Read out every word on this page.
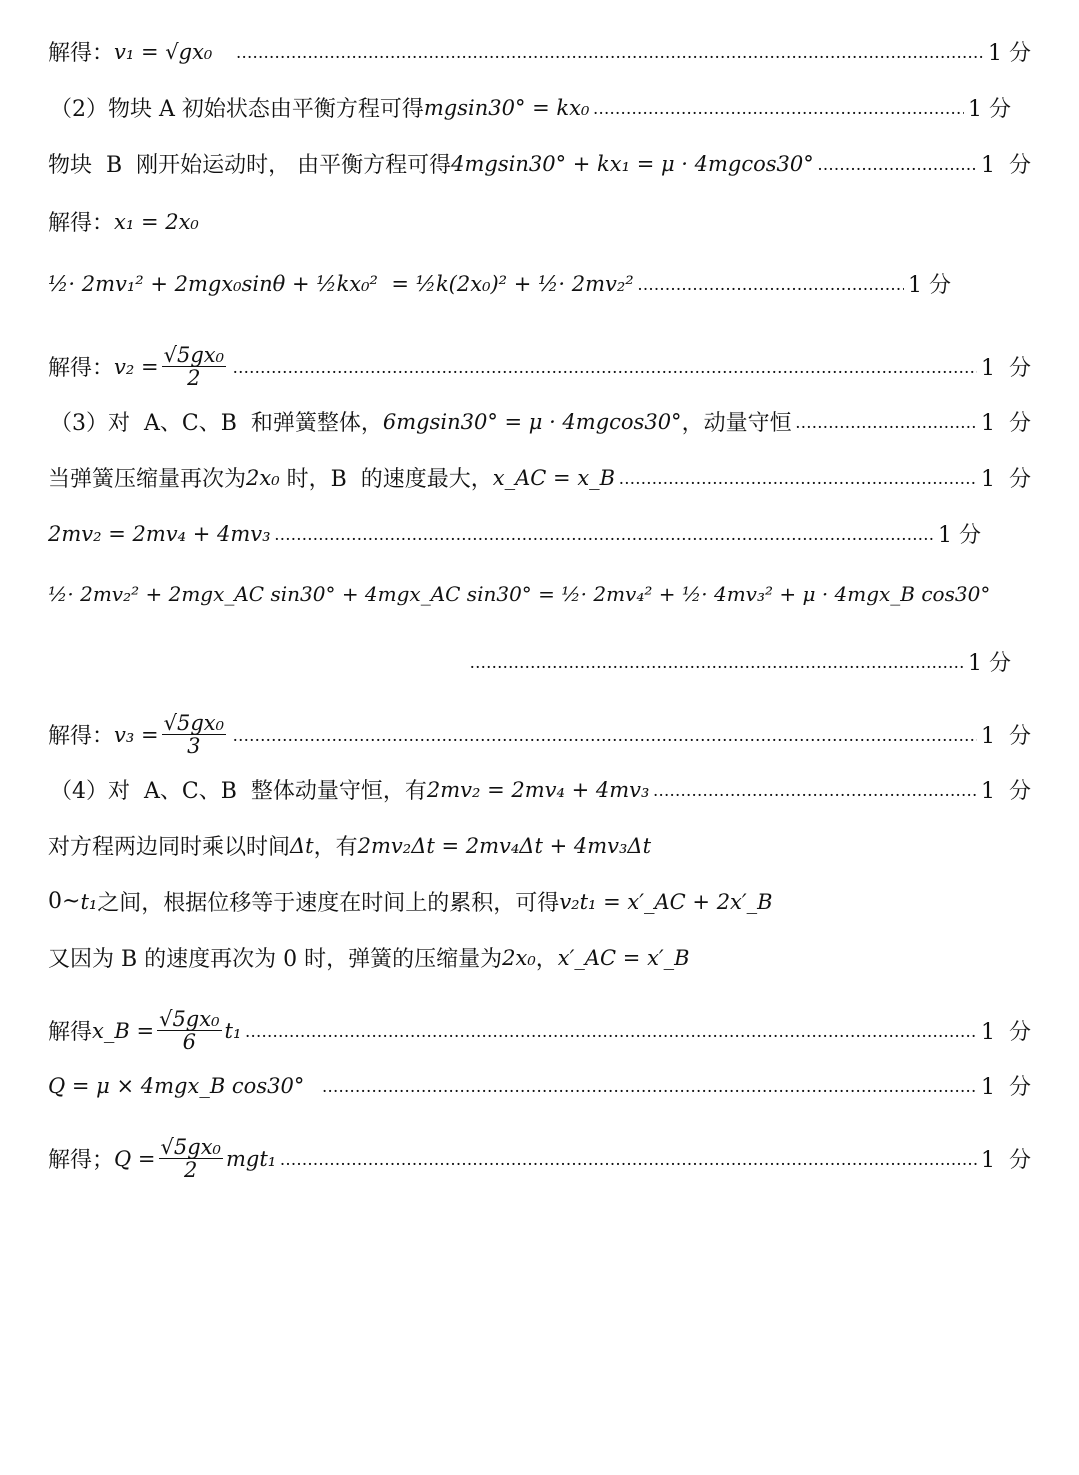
解得： v₁ = √gx₀ .....	1 分
（2）物块 A 初始状态由平衡方程可得 mgsin30° = kx₀ .....	1 分
物块  B  刚开始运动时， 由平衡方程可得 4mgsin30° + kx₁ = μ · 4mgcos30° .....	1  分
解得： x₁ = 2x₀
½· 2mv₁² + 2mgx₀sinθ + ½kx₀²  = ½k(2x₀)² + ½· 2mv₂² .....	1 分
解得： $v_2 = \frac{\text{√5gx₀}}{2}$ .....	1  分
（3）对  A、C、B  和弹簧整体， 6mgsin30° = μ · 4mgcos30° ，动量守恒 .....	1  分
当弹簧压缩量再次为 2x₀ 时，B  的速度最大， x_AC = x_B .....	1  分
2mv₂ = 2mv₄ + 4mv₃ .....	1 分
½· 2mv₂² + 2mgx_AC sin30° + 4mgx_AC sin30° = ½· 2mv₄² + ½· 4mv₃² + μ · 4mgx_B cos30°
.....
1 分
解得： $v_3 = \frac{\text{√5gx₀}}{3}$ .....	1  分
（4）对  A、C、B  整体动量守恒，有 2mv₂ = 2mv₄ + 4mv₃ .....	1  分
对方程两边同时乘以时间 Δt ，有 2mv₂Δt = 2mv₄Δt + 4mv₃Δt
0~ t₁ 之间，根据位移等于速度在时间上的累积，可得 v₂t₁ = x′_AC + 2x′_B
又因为 B 的速度再次为 0 时，弹簧的压缩量为 2x₀ ， x′_AC = x′_B
解得 x_B = $\frac{\text{√5gx₀}}{6} t_1$ .....	1  分
Q = μ × 4mgx_B cos30° .....	1  分
解得； $Q = \frac{\text{√5gx₀}}{2} mgt_1$ .....	1  分
